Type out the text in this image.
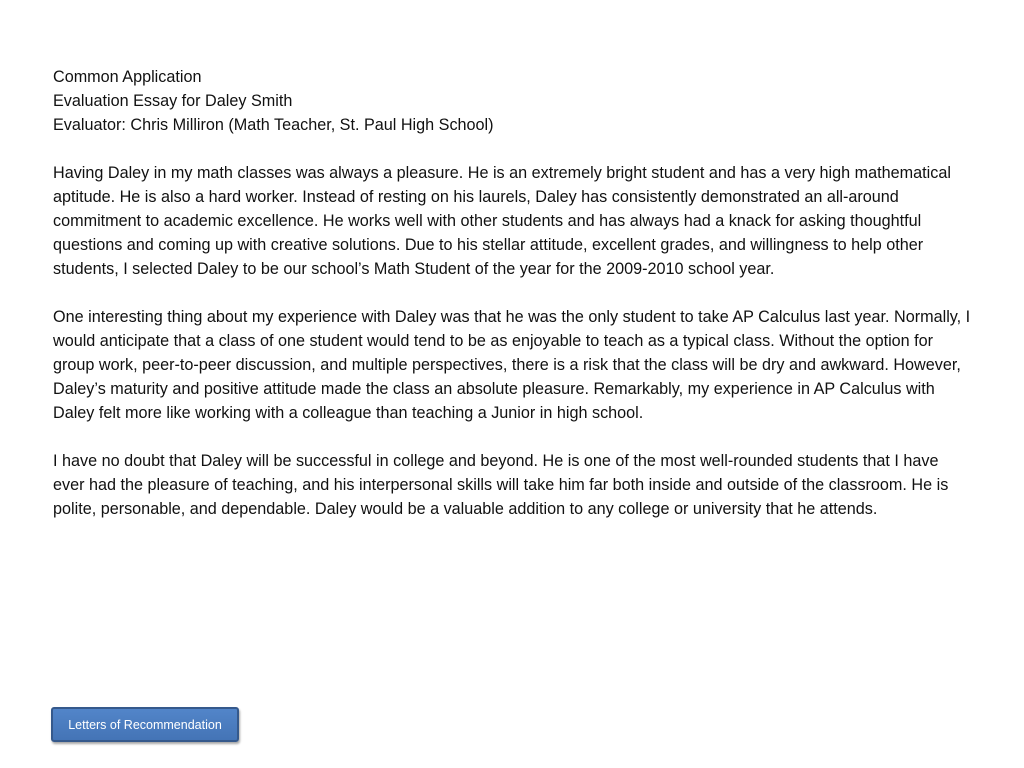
Common Application

Evaluation Essay for Daley Smith

Evaluator: Chris Milliron (Math Teacher, St. Paul High School)

Having Daley in my math classes was always a pleasure. He is an extremely bright student and has a very high mathematical aptitude. He is also a hard worker. Instead of resting on his laurels, Daley has consistently demonstrated an all-around commitment to academic excellence. He works well with other students and has always had a knack for asking thoughtful questions and coming up with creative solutions. Due to his stellar attitude, excellent grades, and willingness to help other students, I selected Daley to be our school’s Math Student of the year for the 2009-2010 school year.

One interesting thing about my experience with Daley was that he was the only student to take AP Calculus last year. Normally, I would anticipate that a class of one student would tend to be as enjoyable to teach as a typical class. Without the option for group work, peer-to-peer discussion, and multiple perspectives, there is a risk that the class will be dry and awkward. However, Daley’s maturity and positive attitude made the class an absolute pleasure. Remarkably, my experience in AP Calculus with Daley felt more like working with a colleague than teaching a Junior in high school.

I have no doubt that Daley will be successful in college and beyond. He is one of the most well-rounded students that I have ever had the pleasure of teaching, and his interpersonal skills will take him far both inside and outside of the classroom. He is polite, personable, and dependable. Daley would be a valuable addition to any college or university that he attends.

Letters of Recommendation
